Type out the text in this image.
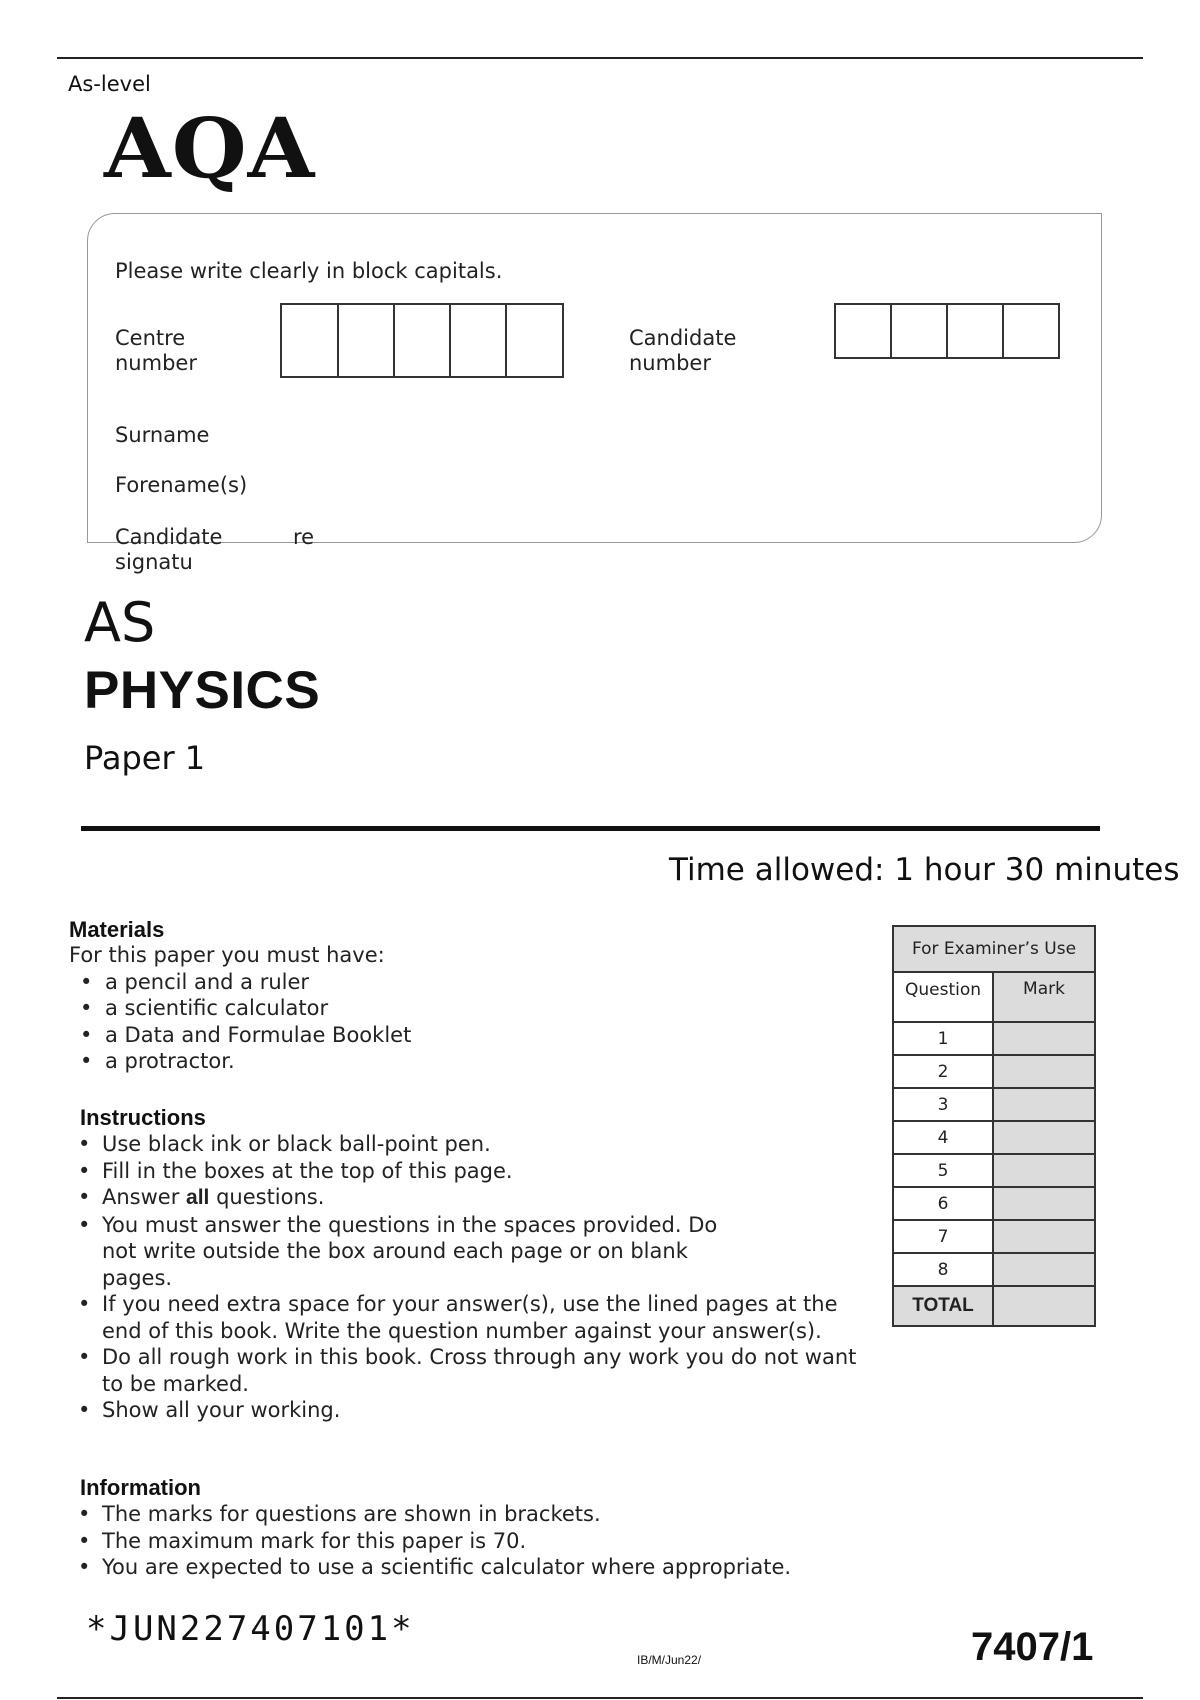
As-level
AQA
Please write clearly in block capitals.
Centre
number
Candidate
number
Surname
Forename(s)
Candidate	re
signatu
AS
PHYSICS
Paper 1
Time allowed: 1 hour 30 minutes
Materials
For this paper you must have:
• a pencil and a ruler
• a scientific calculator
• a Data and Formulae Booklet
• a protractor.
Instructions
• Use black ink or black ball-point pen.
• Fill in the boxes at the top of this page.
• Answer all questions.
• You must answer the questions in the spaces provided. Do not write outside the box around each page or on blank pages.
• If you need extra space for your answer(s), use the lined pages at the end of this book. Write the question number against your answer(s).
• Do all rough work in this book. Cross through any work you do not want to be marked.
• Show all your working.
Information
• The marks for questions are shown in brackets.
• The maximum mark for this paper is 70.
• You are expected to use a scientific calculator where appropriate.
For Examiner’s Use	
Question	Mark
1	
2	
3	
4	
5	
6	
7	
8	
TOTAL	
*JUN227407101*
IB/M/Jun22/	7407/1
